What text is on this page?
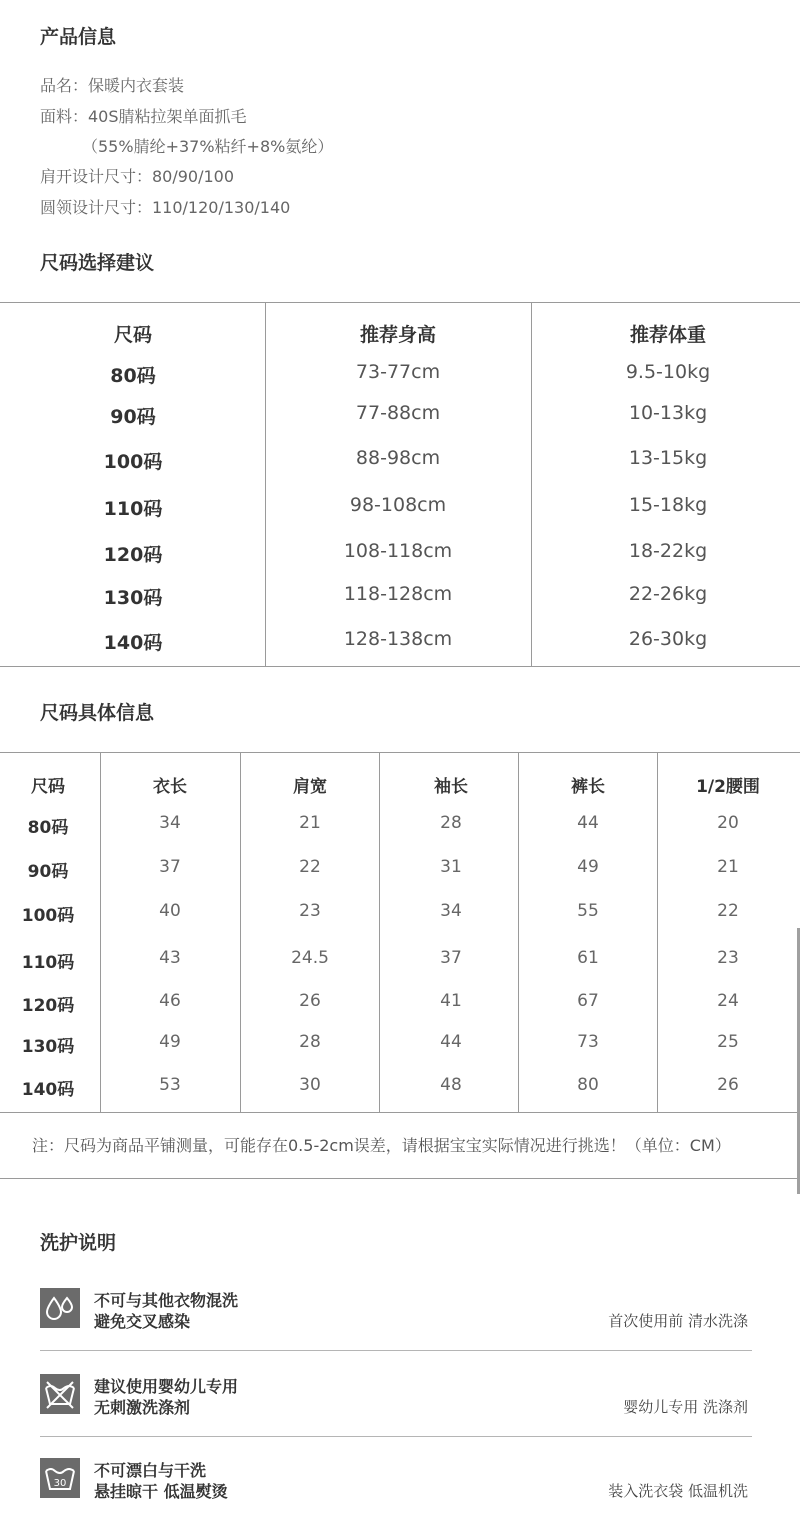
产品信息
品名：保暖内衣套装
面料：40S腈粘拉架单面抓毛
（55%腈纶+37%粘纤+8%氨纶）
肩开设计尺寸：80/90/100
圆领设计尺寸：110/120/130/140
尺码选择建议
尺码	推荐身高	推荐体重
80码	73-77cm	9.5-10kg
90码	77-88cm	10-13kg
100码	88-98cm	13-15kg
110码	98-108cm	15-18kg
120码	108-118cm	18-22kg
130码	118-128cm	22-26kg
140码	128-138cm	26-30kg
尺码具体信息
尺码	衣长	肩宽	袖长	裤长	1/2腰围
80码	34	21	28	44	20
90码	37	22	31	49	21
100码	40	23	34	55	22
110码	43	24.5	37	61	23
120码	46	26	41	67	24
130码	49	28	44	73	25
140码	53	30	48	80	26
注：尺码为商品平铺测量，可能存在0.5-2cm误差，请根据宝宝实际情况进行挑选！（单位：CM）
洗护说明
不可与其他衣物混洗
避免交叉感染	首次使用前 清水洗涤
建议使用婴幼儿专用
无刺激洗涤剂	婴幼儿专用 洗涤剂
30
不可漂白与干洗
悬挂晾干 低温熨烫	装入洗衣袋 低温机洗
